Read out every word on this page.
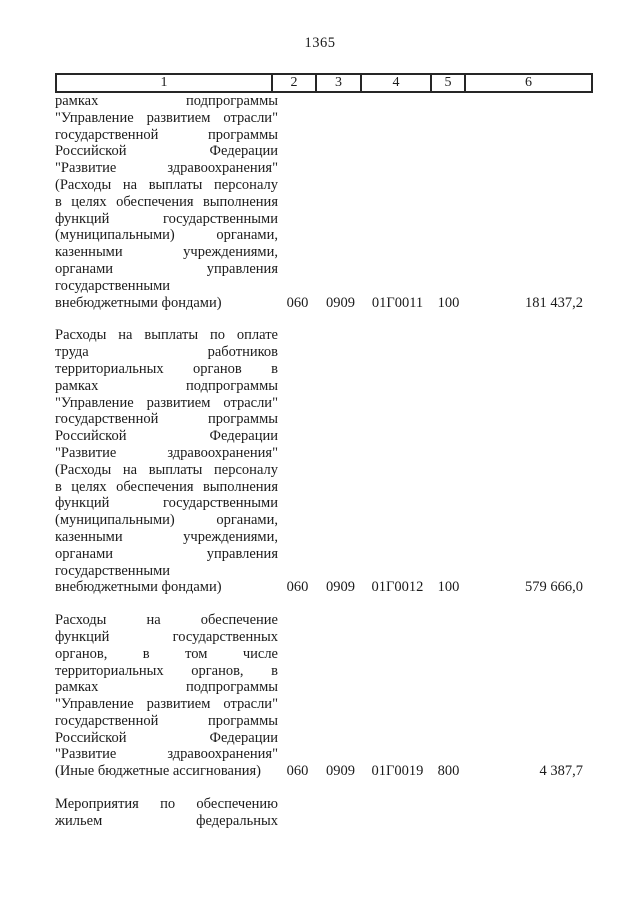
1365
1	2	3	4	5	6
рамках подпрограммы
"Управление развитием отрасли"
государственной программы
Российской Федерации
"Развитие здравоохранения"
(Расходы на выплаты персоналу
в целях обеспечения выполнения
функций государственными
(муниципальными) органами,
казенными учреждениями,
органами управления
государственными
внебюджетными фондами)	060	0909	01Г0011 100	181 437,2
Расходы на выплаты по оплате
труда работников
территориальных органов в
рамках подпрограммы
"Управление развитием отрасли"
государственной программы
Российской Федерации
"Развитие здравоохранения"
(Расходы на выплаты персоналу
в целях обеспечения выполнения
функций государственными
(муниципальными) органами,
казенными учреждениями,
органами управления
государственными
внебюджетными фондами)	060	0909	01Г0012 100	579 666,0
Расходы на обеспечение
функций государственных
органов, в том числе
территориальных органов, в
рамках подпрограммы
"Управление развитием отрасли"
государственной программы
Российской Федерации
"Развитие здравоохранения"
(Иные бюджетные ассигнования)	060	0909	01Г0019 800	4 387,7
Мероприятия по обеспечению
жильем федеральных
